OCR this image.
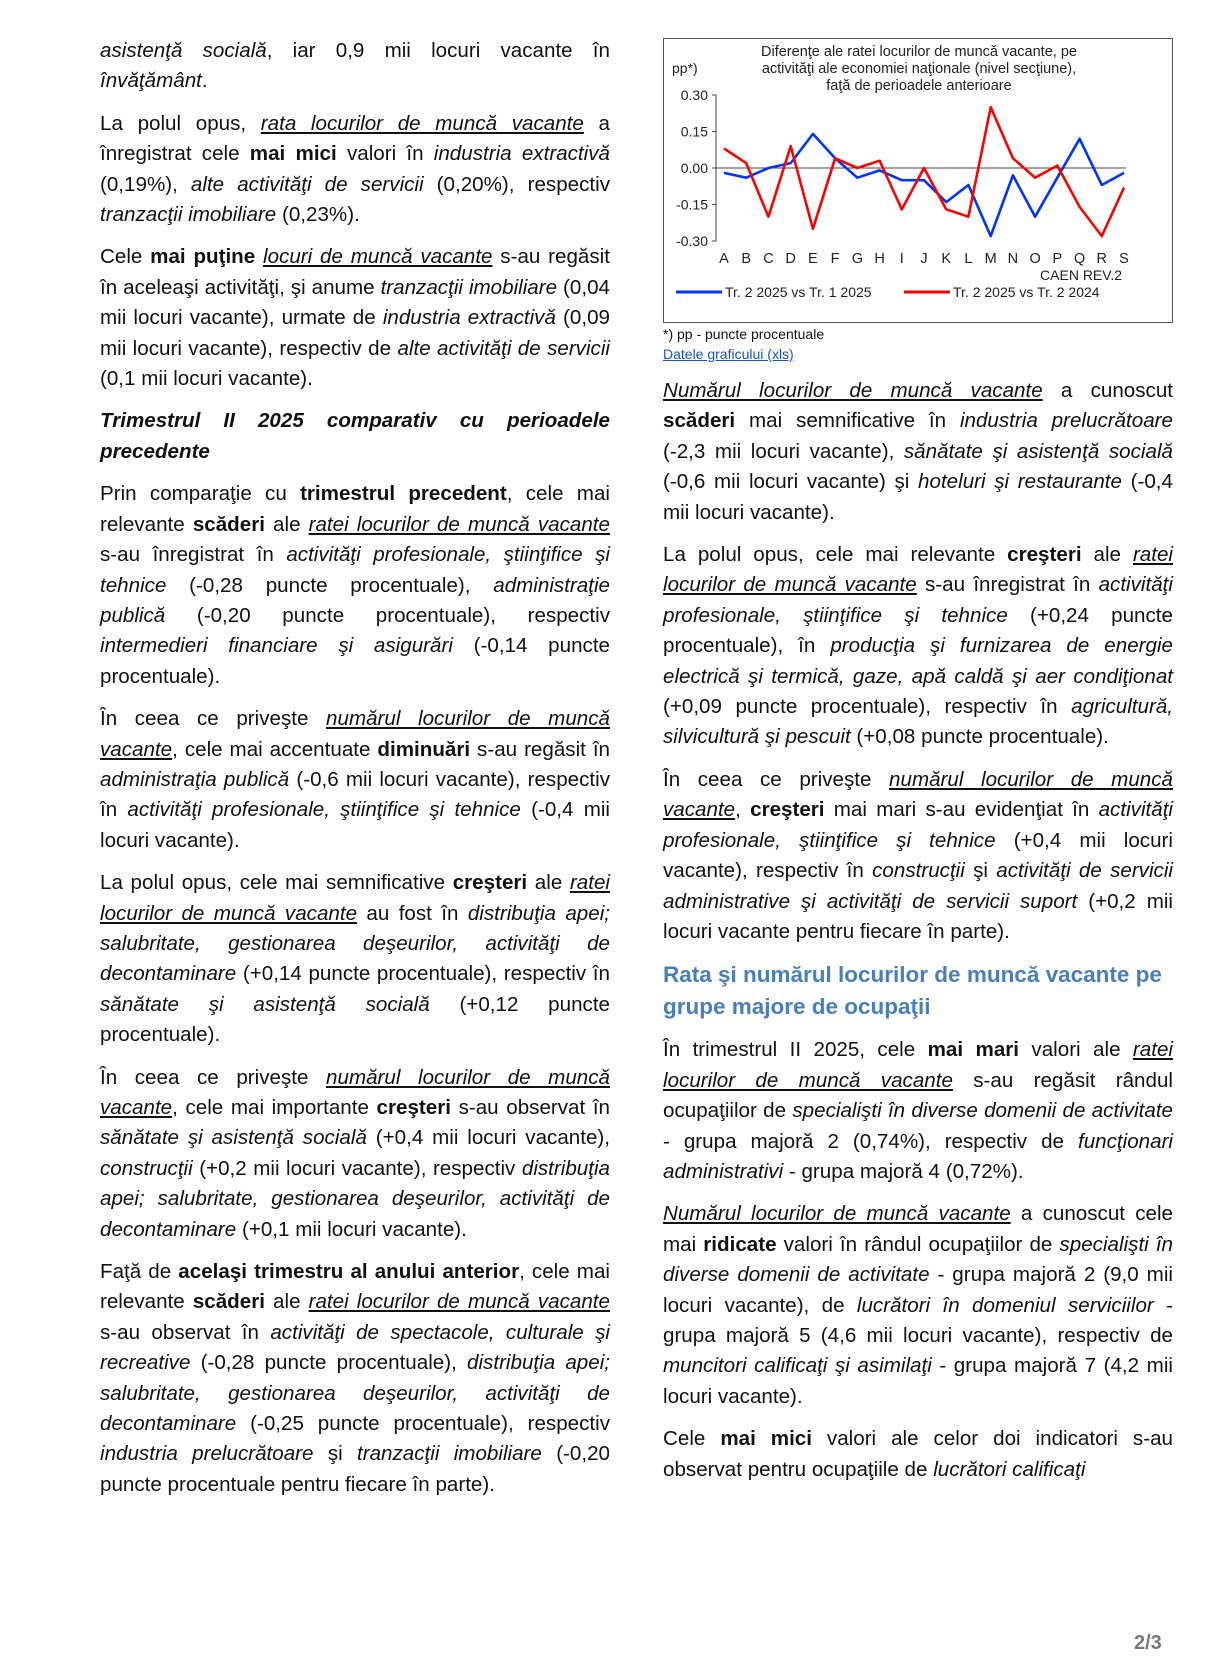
asistenţă socială, iar 0,9 mii locuri vacante în învăţământ.

La polul opus, rata locurilor de muncă vacante a înregistrat cele mai mici valori în industria extractivă (0,19%), alte activităţi de servicii (0,20%), respectiv tranzacţii imobiliare (0,23%).

Cele mai puţine locuri de muncă vacante s-au regăsit în aceleaşi activităţi, şi anume tranzacţii imobiliare (0,04 mii locuri vacante), urmate de industria extractivă (0,09 mii locuri vacante), respectiv de alte activităţi de servicii (0,1 mii locuri vacante).

Trimestrul II 2025 comparativ cu perioadele precedente

Prin comparaţie cu trimestrul precedent, cele mai relevante scăderi ale ratei locurilor de muncă vacante s-au înregistrat în activităţi profesionale, ştiinţifice şi tehnice (-0,28 puncte procentuale), administraţie publică (-0,20 puncte procentuale), respectiv intermedieri financiare şi asigurări (-0,14 puncte procentuale).

În ceea ce priveşte numărul locurilor de muncă vacante, cele mai accentuate diminuări s-au regăsit în administraţia publică (-0,6 mii locuri vacante), respectiv în activităţi profesionale, ştiinţifice şi tehnice (-0,4 mii locuri vacante).

La polul opus, cele mai semnificative creşteri ale ratei locurilor de muncă vacante au fost în distribuţia apei; salubritate, gestionarea deşeurilor, activităţi de decontaminare (+0,14 puncte procentuale), respectiv în sănătate şi asistenţă socială (+0,12 puncte procentuale).

În ceea ce priveşte numărul locurilor de muncă vacante, cele mai importante creşteri s-au observat în sănătate şi asistenţă socială (+0,4 mii locuri vacante), construcţii (+0,2 mii locuri vacante), respectiv distribuţia apei; salubritate, gestionarea deşeurilor, activităţi de decontaminare (+0,1 mii locuri vacante).

Faţă de acelaşi trimestru al anului anterior, cele mai relevante scăderi ale ratei locurilor de muncă vacante s-au observat în activităţi de spectacole, culturale şi recreative (-0,28 puncte procentuale), distribuţia apei; salubritate, gestionarea deşeurilor, activităţi de decontaminare (-0,25 puncte procentuale), respectiv industria prelucrătoare şi tranzacţii imobiliare (-0,20 puncte procentuale pentru fiecare în parte).

Diferenţe ale ratei locurilor de muncă vacante, pe
activităţi ale economiei naţionale (nivel secţiune),
faţă de perioadele anterioare
pp*)
0.30
0.15
0.00
-0.15
-0.30
A B C D E F G H I J K L M N O P Q R S
CAEN REV.2
Tr. 2 2025 vs Tr. 1 2025	Tr. 2 2025 vs Tr. 2 2024
*) pp - puncte procentuale
Datele graficului (xls)

Numărul locurilor de muncă vacante a cunoscut scăderi mai semnificative în industria prelucrătoare (-2,3 mii locuri vacante), sănătate şi asistenţă socială (-0,6 mii locuri vacante) şi hoteluri şi restaurante (-0,4 mii locuri vacante).

La polul opus, cele mai relevante creşteri ale ratei locurilor de muncă vacante s-au înregistrat în activităţi profesionale, ştiinţifice şi tehnice (+0,24 puncte procentuale), în producţia şi furnizarea de energie electrică şi termică, gaze, apă caldă şi aer condiţionat (+0,09 puncte procentuale), respectiv în agricultură, silvicultură şi pescuit (+0,08 puncte procentuale).

În ceea ce priveşte numărul locurilor de muncă vacante, creşteri mai mari s-au evidenţiat în activităţi profesionale, ştiinţifice şi tehnice (+0,4 mii locuri vacante), respectiv în construcţii şi activităţi de servicii administrative şi activităţi de servicii suport (+0,2 mii locuri vacante pentru fiecare în parte).

Rata şi numărul locurilor de muncă vacante pe grupe majore de ocupaţii

În trimestrul II 2025, cele mai mari valori ale ratei locurilor de muncă vacante s-au regăsit rândul ocupaţiilor de specialişti în diverse domenii de activitate - grupa majoră 2 (0,74%), respectiv de funcţionari administrativi - grupa majoră 4 (0,72%).

Numărul locurilor de muncă vacante a cunoscut cele mai ridicate valori în rândul ocupaţiilor de specialişti în diverse domenii de activitate - grupa majoră 2 (9,0 mii locuri vacante), de lucrători în domeniul serviciilor - grupa majoră 5 (4,6 mii locuri vacante), respectiv de muncitori calificaţi şi asimilaţi - grupa majoră 7 (4,2 mii locuri vacante).

Cele mai mici valori ale celor doi indicatori s-au observat pentru ocupaţiile de lucrători calificaţi

2/3
